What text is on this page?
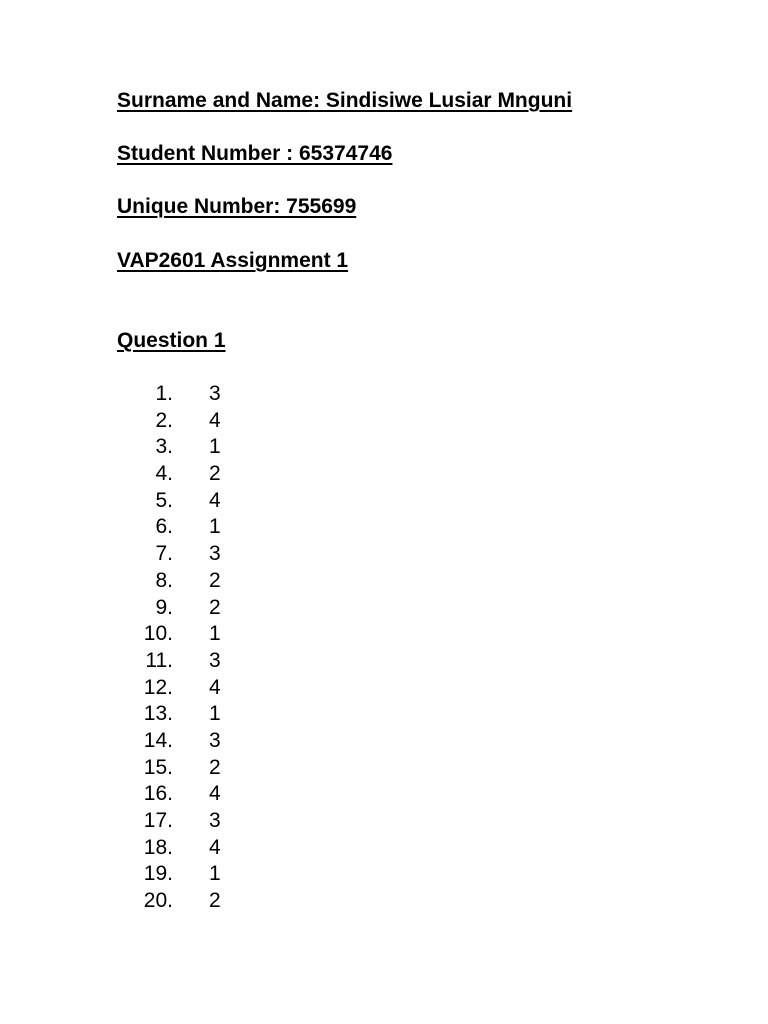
Surname and Name: Sindisiwe Lusiar Mnguni

Student Number : 65374746

Unique Number: 755699

VAP2601 Assignment 1

Question 1

1. 3
2. 4
3. 1
4. 2
5. 4
6. 1
7. 3
8. 2
9. 2
10. 1
11. 3
12. 4
13. 1
14. 3
15. 2
16. 4
17. 3
18. 4
19. 1
20. 2
